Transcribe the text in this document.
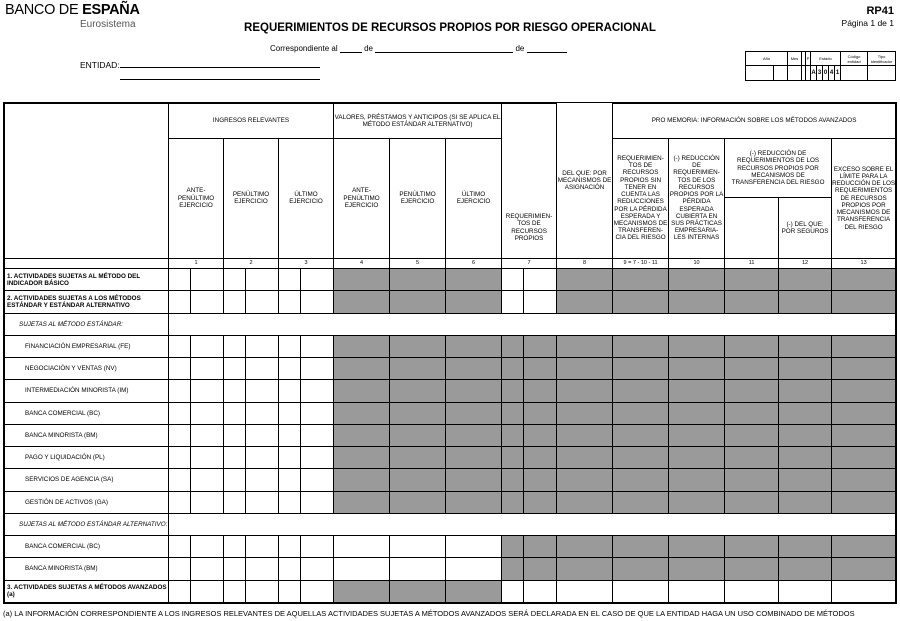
BANCO DE ESPAÑA
Eurosistema
RP41
Página 1 de 1
REQUERIMIENTOS DE RECURSOS PROPIOS POR RIESGO OPERACIONAL
Correspondiente al	de	de
ENTIDAD:
Año		Mes		P	Estado					Código entidad	Tipo identificador
					A	3	0	4	1		
	INGRESOS RELEVANTES						VALORES, PRÉSTAMOS Y ANTICIPOS (SI SE APLICA EL MÉTODO ESTÁNDAR ALTERNATIVO)					DEL QUE: POR MECANISMOS DE ASIGNACIÓN	PRO MEMORIA: INFORMACIÓN SOBRE LOS MÉTODOS AVANZADOS				
	ANTE-PENÚLTIMO EJERCICIO		PENÚLTIMO EJERCICIO		ÚLTIMO EJERCICIO		ANTE-PENÚLTIMO EJERCICIO	PENÚLTIMO EJERCICIO	ÚLTIMO EJERCICIO				REQUERIMIEN-TOS DE RECURSOS PROPIOS SIN TENER EN CUENTA LAS REDUCCIONES POR LA PÉRDIDA ESPERADA Y MECANISMOS DE TRANSFEREN-CIA DEL RIESGO	(-) REDUCCIÓN DE REQUERIMIEN-TOS DE LOS RECURSOS PROPIOS POR LA PÉRDIDA ESPERADA CUBIERTA EN SUS PRÁCTICAS EMPRESARIA-LES INTERNAS	(-) REDUCCIÓN DE REQUERIMIENTOS DE LOS RECURSOS PROPIOS POR MECANISMOS DE TRANSFERENCIA DEL RIESGO		EXCESO SOBRE EL LÍMITE PARA LA REDUCCIÓN DE LOS REQUERIMIENTOS DE RECURSOS PROPIOS POR MECANISMOS DE TRANSFERENCIA DEL RIESGO
										REQUERIMIEN-TOS DE RECURSOS PROPIOS						(-) DEL QUE: POR SEGUROS	
	1		2		3		4	5	6	7		8	9 = 7 - 10 - 11	10	11	12	13
1. ACTIVIDADES SUJETAS AL MÉTODO DEL INDICADOR BÁSICO																	
2. ACTIVIDADES SUJETAS A LOS MÉTODOS ESTÁNDAR Y ESTÁNDAR ALTERNATIVO																	
SUJETAS AL MÉTODO ESTÁNDAR:																	
FINANCIACIÓN EMPRESARIAL (FE)																	
NEGOCIACIÓN Y VENTAS (NV)																	
INTERMEDIACIÓN MINORISTA (IM)																	
BANCA COMERCIAL (BC)																	
BANCA MINORISTA (BM)																	
PAGO Y LIQUIDACIÓN (PL)																	
SERVICIOS DE AGENCIA (SA)																	
GESTIÓN DE ACTIVOS (GA)																	
SUJETAS AL MÉTODO ESTÁNDAR ALTERNATIVO:																	
BANCA COMERCIAL (BC)																	
BANCA MINORISTA (BM)																	
3. ACTIVIDADES SUJETAS A MÉTODOS AVANZADOS (a)																	
(a) LA INFORMACIÓN CORRESPONDIENTE A LOS INGRESOS RELEVANTES DE AQUELLAS ACTIVIDADES SUJETAS A MÉTODOS AVANZADOS SERÁ DECLARADA EN EL CASO DE QUE LA ENTIDAD HAGA UN USO COMBINADO DE MÉTODOS
